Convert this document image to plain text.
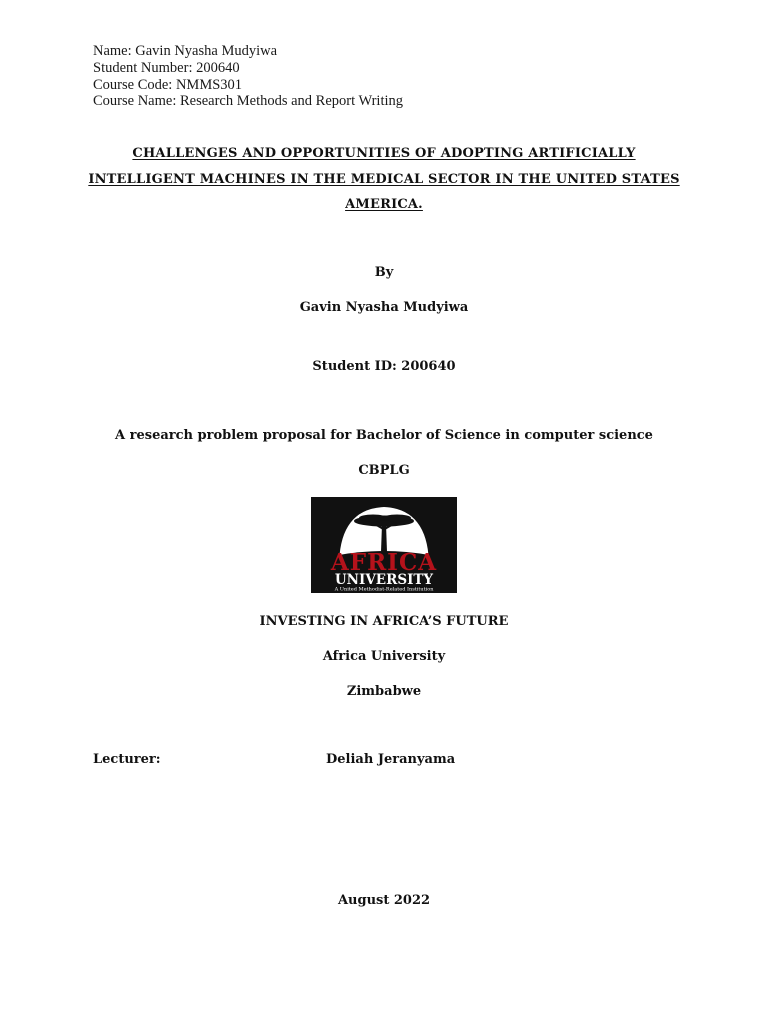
Name: Gavin Nyasha Mudyiwa
Student Number: 200640
Course Code: NMMS301
Course Name: Research Methods and Report Writing
CHALLENGES AND OPPORTUNITIES OF ADOPTING ARTIFICIALLY INTELLIGENT MACHINES IN THE MEDICAL SECTOR IN THE UNITED STATES AMERICA.
By
Gavin Nyasha Mudyiwa
Student ID: 200640
A research problem proposal for Bachelor of Science in computer science
CBPLG
AFRICA
UNIVERSITY
A United Methodist-Related Institution
INVESTING IN AFRICA’S FUTURE
Africa University
Zimbabwe
Lecturer:	Deliah Jeranyama
August 2022
